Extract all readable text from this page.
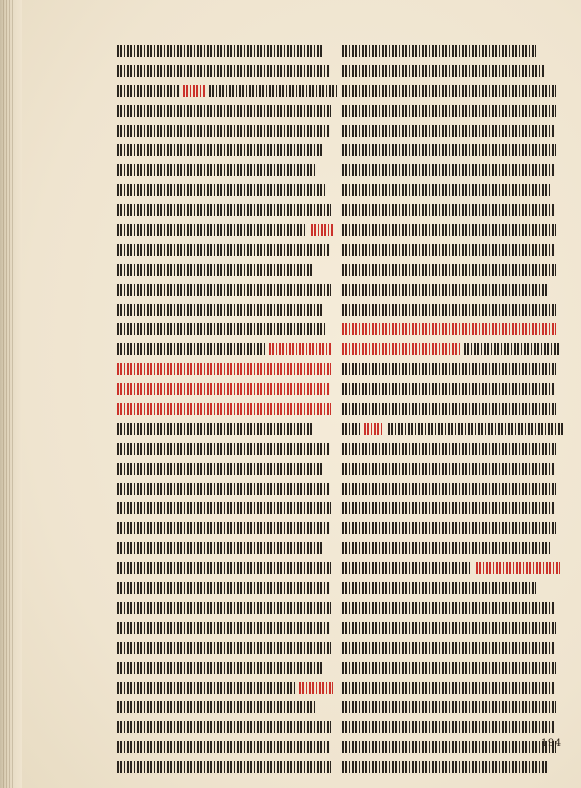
194
